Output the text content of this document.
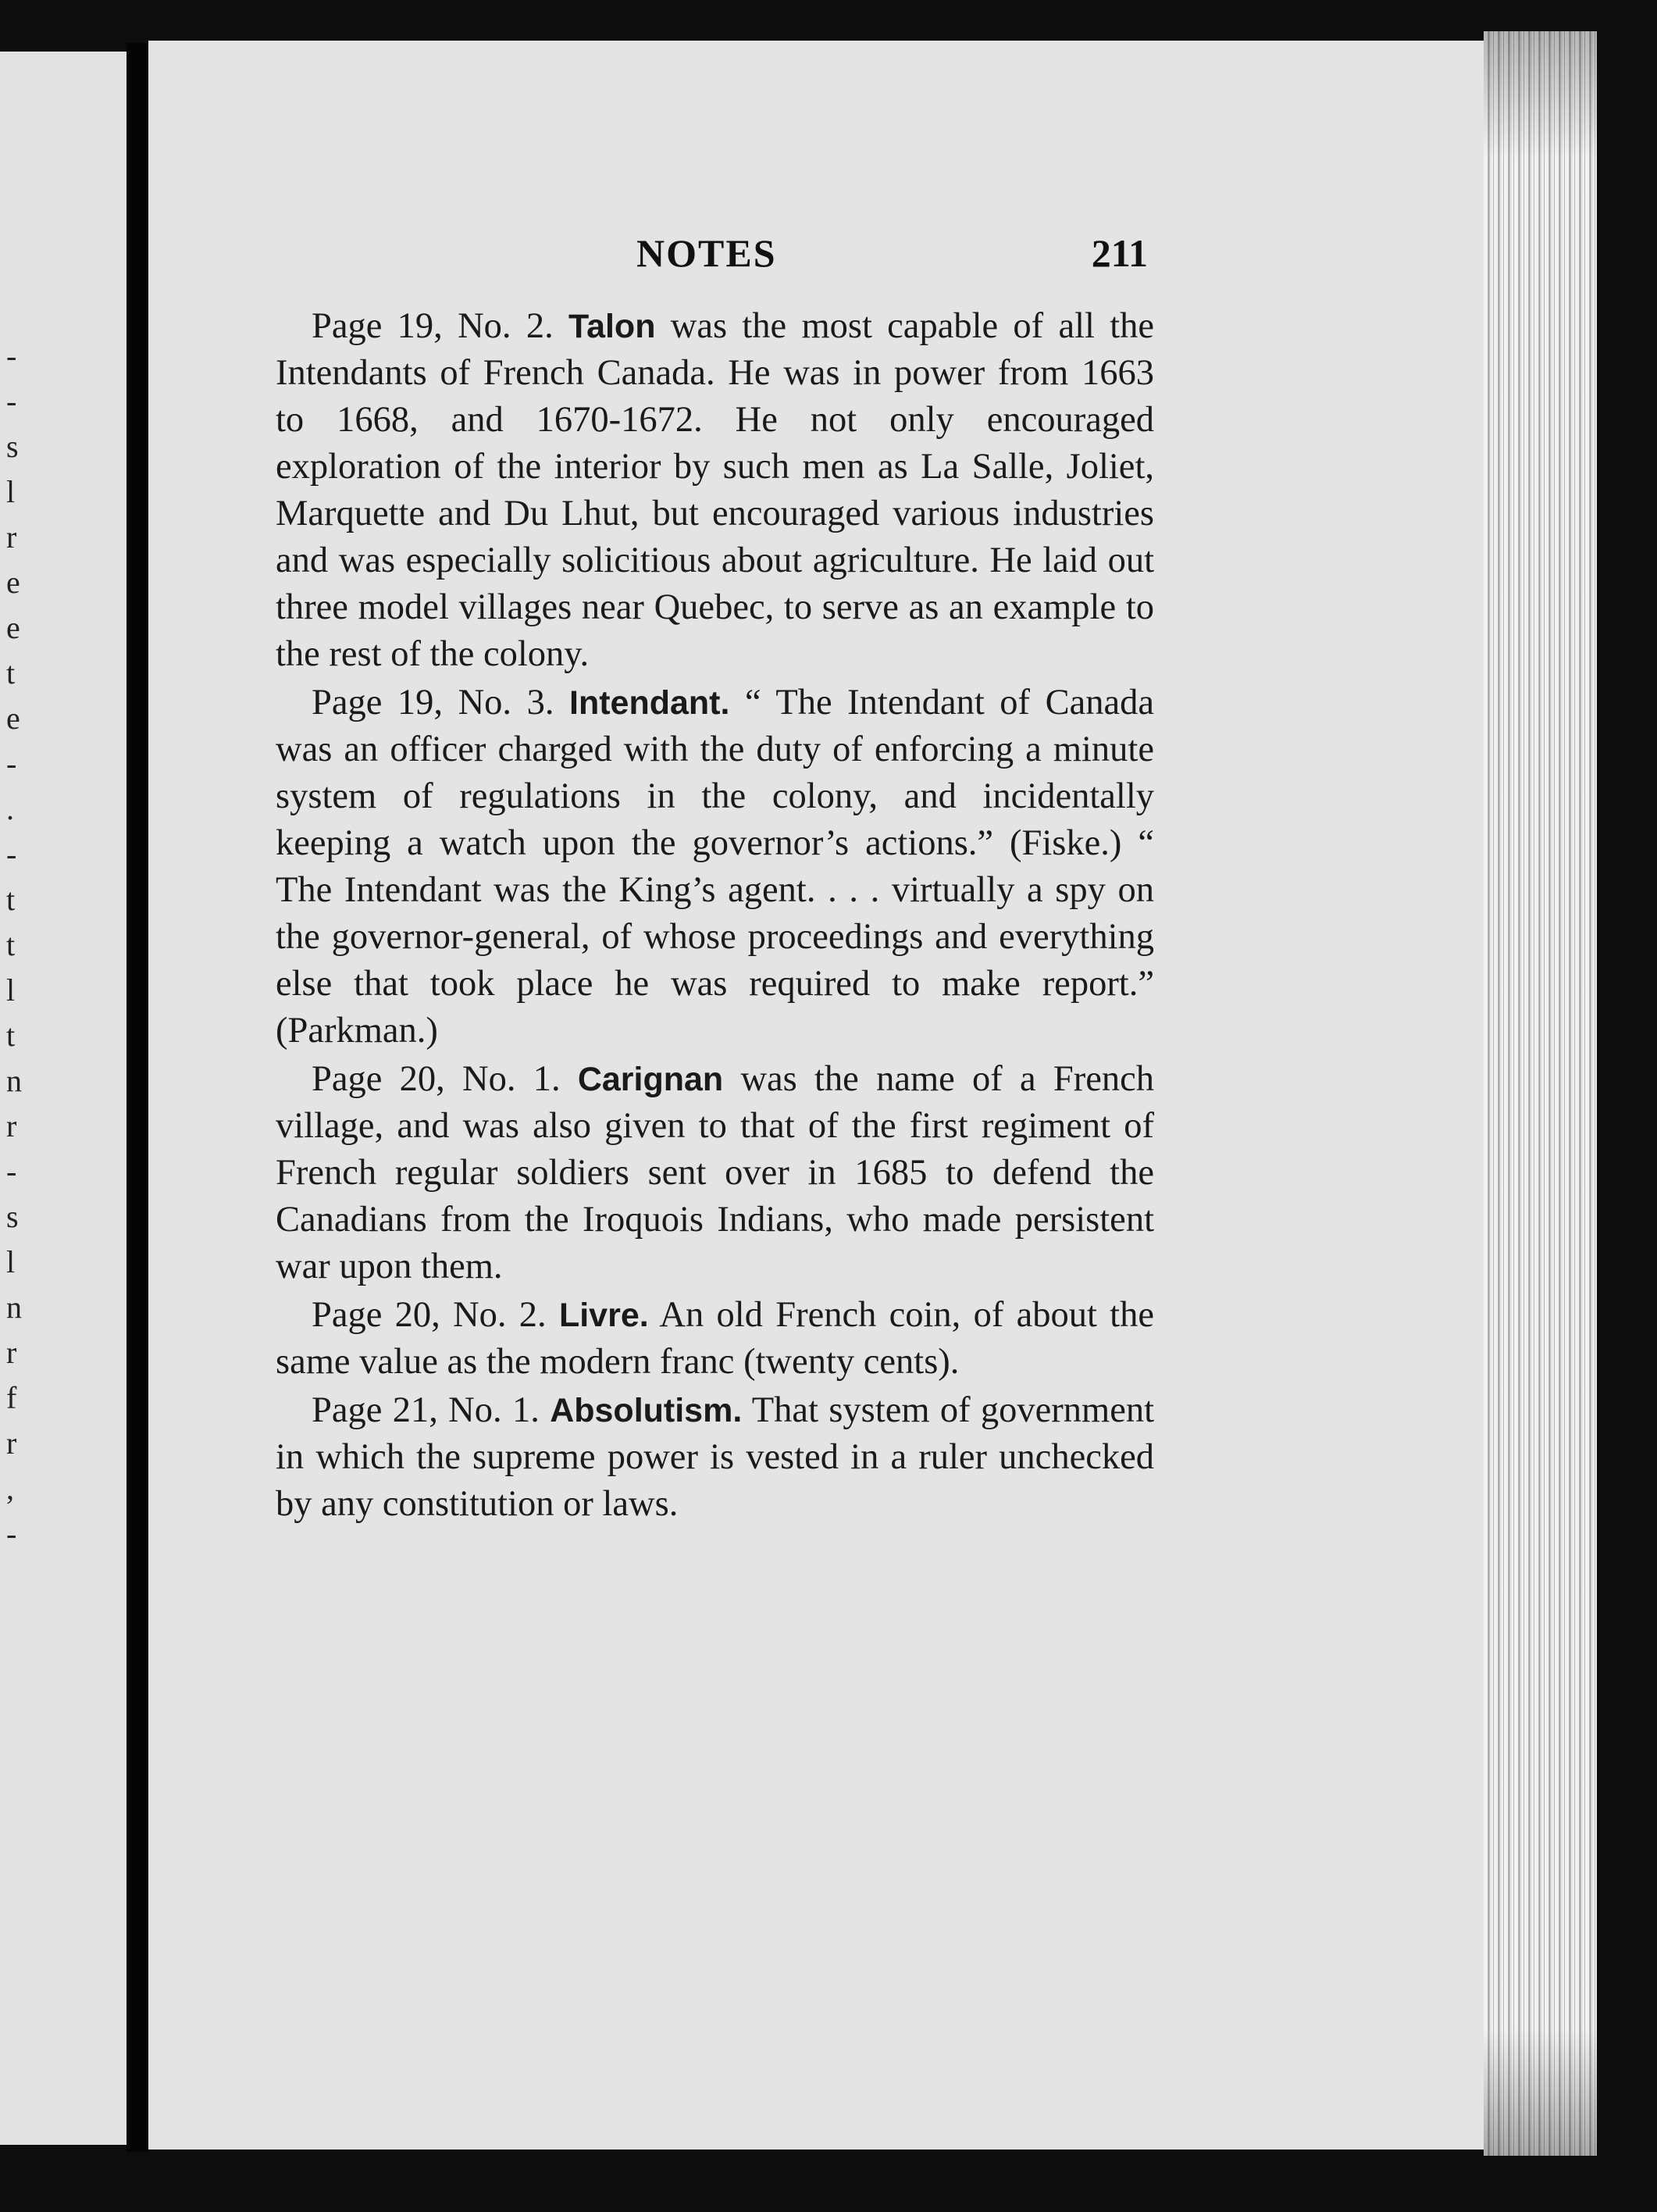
-
-
s
l
r
e
e
t
e
-
.
-
t
t
l
t
n
r
-
s
l
n
r
f
r
,
-
NOTES	211

Page 19, No. 2. Talon was the most capable of all the Intendants of French Canada. He was in power from 1663 to 1668, and 1670-1672. He not only encouraged exploration of the interior by such men as La Salle, Joliet, Marquette and Du Lhut, but encouraged various industries and was especially solicitious about agriculture. He laid out three model villages near Quebec, to serve as an example to the rest of the colony.

Page 19, No. 3. Intendant. “ The Intendant of Canada was an officer charged with the duty of enforcing a minute system of regulations in the colony, and incidentally keeping a watch upon the governor’s actions.” (Fiske.) “ The Intendant was the King’s agent. . . . virtually a spy on the governor-general, of whose proceedings and everything else that took place he was required to make report.” (Parkman.)

Page 20, No. 1. Carignan was the name of a French village, and was also given to that of the first regiment of French regular soldiers sent over in 1685 to defend the Canadians from the Iroquois Indians, who made persistent war upon them.

Page 20, No. 2. Livre. An old French coin, of about the same value as the modern franc (twenty cents).

Page 21, No. 1. Absolutism. That system of government in which the supreme power is vested in a ruler unchecked by any constitution or laws.
